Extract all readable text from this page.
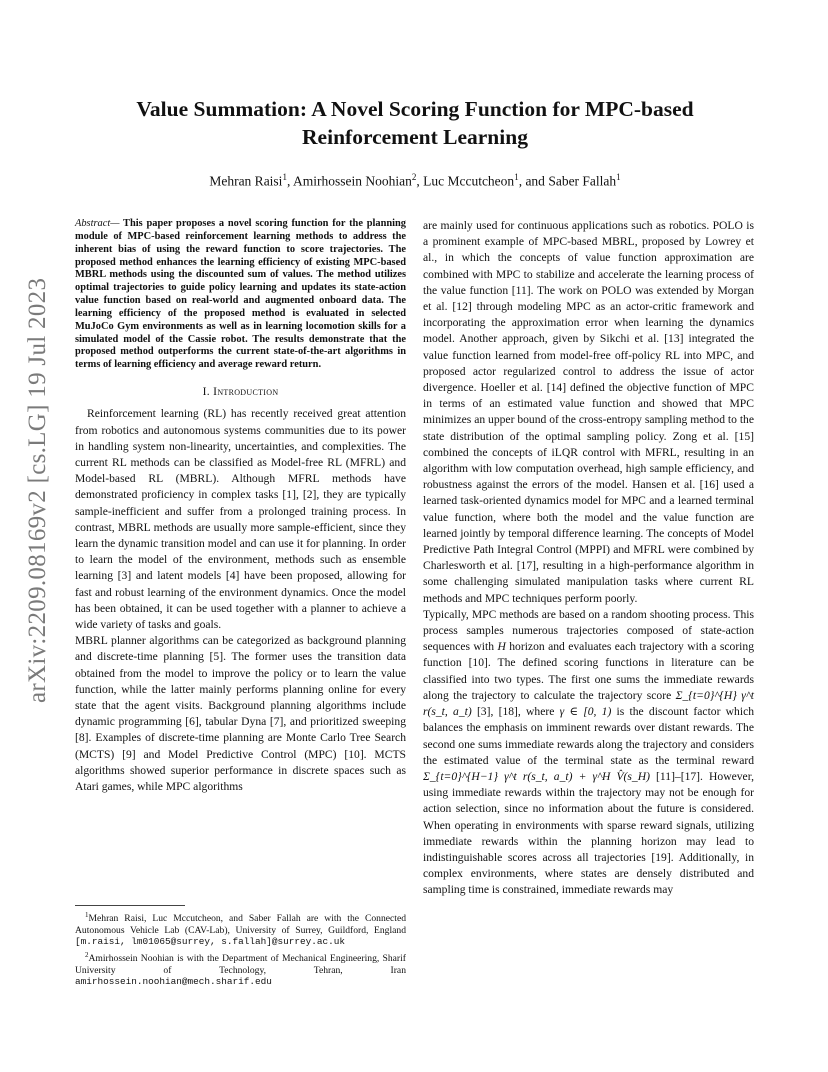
arXiv:2209.08169v2 [cs.LG] 19 Jul 2023
Value Summation: A Novel Scoring Function for MPC-based Reinforcement Learning
Mehran Raisi$^1$, Amirhossein Noohian$^2$, Luc Mccutcheon$^1$, and Saber Fallah$^1$
Abstract— This paper proposes a novel scoring function for the planning module of MPC-based reinforcement learning methods to address the inherent bias of using the reward function to score trajectories. The proposed method enhances the learning efficiency of existing MPC-based MBRL methods using the discounted sum of values. The method utilizes optimal trajectories to guide policy learning and updates its state-action value function based on real-world and augmented onboard data. The learning efficiency of the proposed method is evaluated in selected MuJoCo Gym environments as well as in learning locomotion skills for a simulated model of the Cassie robot. The results demonstrate that the proposed method outperforms the current state-of-the-art algorithms in terms of learning efficiency and average reward return.
I. Introduction

Reinforcement learning (RL) has recently received great attention from robotics and autonomous systems communities due to its power in handling system non-linearity, uncertainties, and complexities. The current RL methods can be classified as Model-free RL (MFRL) and Model-based RL (MBRL). Although MFRL methods have demonstrated proficiency in complex tasks [1], [2], they are typically sample-inefficient and suffer from a prolonged training process. In contrast, MBRL methods are usually more sample-efficient, since they learn the dynamic transition model and can use it for planning. In order to learn the model of the environment, methods such as ensemble learning [3] and latent models [4] have been proposed, allowing for fast and robust learning of the environment dynamics. Once the model has been obtained, it can be used together with a planner to achieve a wide variety of tasks and goals.

MBRL planner algorithms can be categorized as background planning and discrete-time planning [5]. The former uses the transition data obtained from the model to improve the policy or to learn the value function, while the latter mainly performs planning online for every state that the agent visits. Background planning algorithms include dynamic programming [6], tabular Dyna [7], and prioritized sweeping [8]. Examples of discrete-time planning are Monte Carlo Tree Search (MCTS) [9] and Model Predictive Control (MPC) [10]. MCTS algorithms showed superior performance in discrete spaces such as Atari games, while MPC algorithms

$^1$Mehran Raisi, Luc Mccutcheon, and Saber Fallah are with the Connected Autonomous Vehicle Lab (CAV-Lab), University of Surrey, Guildford, England [m.raisi, lm01065@surrey, s.fallah]@surrey.ac.uk

$^2$Amirhossein Noohian is with the Department of Mechanical Engineering, Sharif University of Technology, Tehran, Iran amirhossein.noohian@mech.sharif.edu

are mainly used for continuous applications such as robotics. POLO is a prominent example of MPC-based MBRL, proposed by Lowrey et al., in which the concepts of value function approximation are combined with MPC to stabilize and accelerate the learning process of the value function [11]. The work on POLO was extended by Morgan et al. [12] through modeling MPC as an actor-critic framework and incorporating the approximation error when learning the dynamics model. Another approach, given by Sikchi et al. [13] integrated the value function learned from model-free off-policy RL into MPC, and proposed actor regularized control to address the issue of actor divergence. Hoeller et al. [14] defined the objective function of MPC in terms of an estimated value function and showed that MPC minimizes an upper bound of the cross-entropy sampling method to the state distribution of the optimal sampling policy. Zong et al. [15] combined the concepts of iLQR control with MFRL, resulting in an algorithm with low computation overhead, high sample efficiency, and robustness against the errors of the model. Hansen et al. [16] used a learned task-oriented dynamics model for MPC and a learned terminal value function, where both the model and the value function are learned jointly by temporal difference learning. The concepts of Model Predictive Path Integral Control (MPPI) and MFRL were combined by Charlesworth et al. [17], resulting in a high-performance algorithm in some challenging simulated manipulation tasks where current RL methods and MPC techniques perform poorly.

Typically, MPC methods are based on a random shooting process. This process samples numerous trajectories composed of state-action sequences with H horizon and evaluates each trajectory with a scoring function [10]. The defined scoring functions in literature can be classified into two types. The first one sums the immediate rewards along the trajectory to calculate the trajectory score Σ_{t=0}^{H} γ^t r(s_t, a_t) [3], [18], where γ ∈ [0, 1) is the discount factor which balances the emphasis on imminent rewards over distant rewards. The second one sums immediate rewards along the trajectory and considers the estimated value of the terminal state as the terminal reward Σ_{t=0}^{H−1} γ^t r(s_t, a_t) + γ^H V̂(s_H) [11]–[17]. However, using immediate rewards within the trajectory may not be enough for action selection, since no information about the future is considered. When operating in environments with sparse reward signals, utilizing immediate rewards within the planning horizon may lead to indistinguishable scores across all trajectories [19]. Additionally, in complex environments, where states are densely distributed and sampling time is constrained, immediate rewards may
